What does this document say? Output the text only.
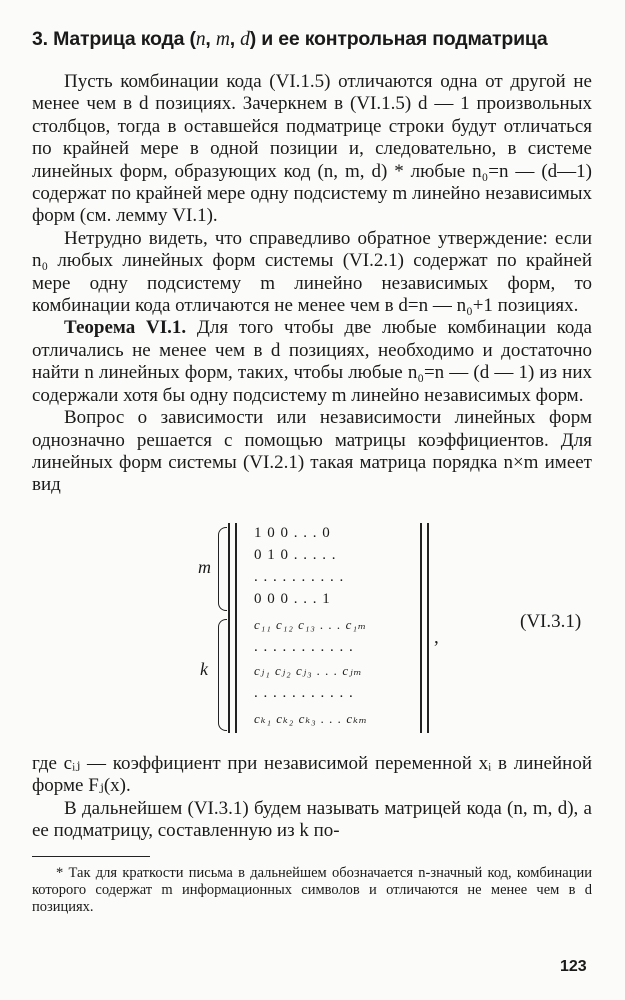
3. Матрица кода (n, m, d) и ее контрольная подматрица

Пусть комбинации кода (VI.1.5) отличаются одна от другой не менее чем в d позициях. Зачеркнем в (VI.1.5) d — 1 произвольных столбцов, тогда в оставшейся подматрице строки будут отличаться по крайней мере в одной позиции и, следовательно, в системе линейных форм, образующих код (n, m, d) * любые n₀=n — (d—1) содержат по крайней мере одну подсистему m линейно независимых форм (см. лемму VI.1).

Нетрудно видеть, что справедливо обратное утверждение: если n₀ любых линейных форм системы (VI.2.1) содержат по крайней мере одну подсистему m линейно независимых форм, то комбинации кода отличаются не менее чем в d=n — n₀+1 позициях.

Теорема VI.1. Для того чтобы две любые комбинации кода отличались не менее чем в d позициях, необходимо и достаточно найти n линейных форм, таких, чтобы любые n₀=n — (d — 1) из них содержали хотя бы одну подсистему m линейно независимых форм.

Вопрос о зависимости или независимости линейных форм однозначно решается с помощью матрицы коэффициентов. Для линейных форм системы (VI.2.1) такая матрица порядка n×m имеет вид

m
k
1 0 0 . . . 0
0 1 0 . . . . .
. . . . . . . . . .
0 0 0 . . . 1
c₁₁ c₁₂ c₁₃ . . . c₁ₘ
. . . . . . . . . . .
cⱼ₁ cⱼ₂ cⱼ₃ . . . cⱼₘ
. . . . . . . . . . .
cₖ₁ cₖ₂ cₖ₃ . . . cₖₘ
,
(VI.3.1)

где cᵢⱼ — коэффициент при независимой переменной xᵢ в линейной форме Fⱼ(x).

В дальнейшем (VI.3.1) будем называть матрицей кода (n, m, d), а ее подматрицу, составленную из k по-

* Так для краткости письма в дальнейшем обозначается n-значный код, комбинации которого содержат m информационных символов и отличаются не менее чем в d позициях.

123
